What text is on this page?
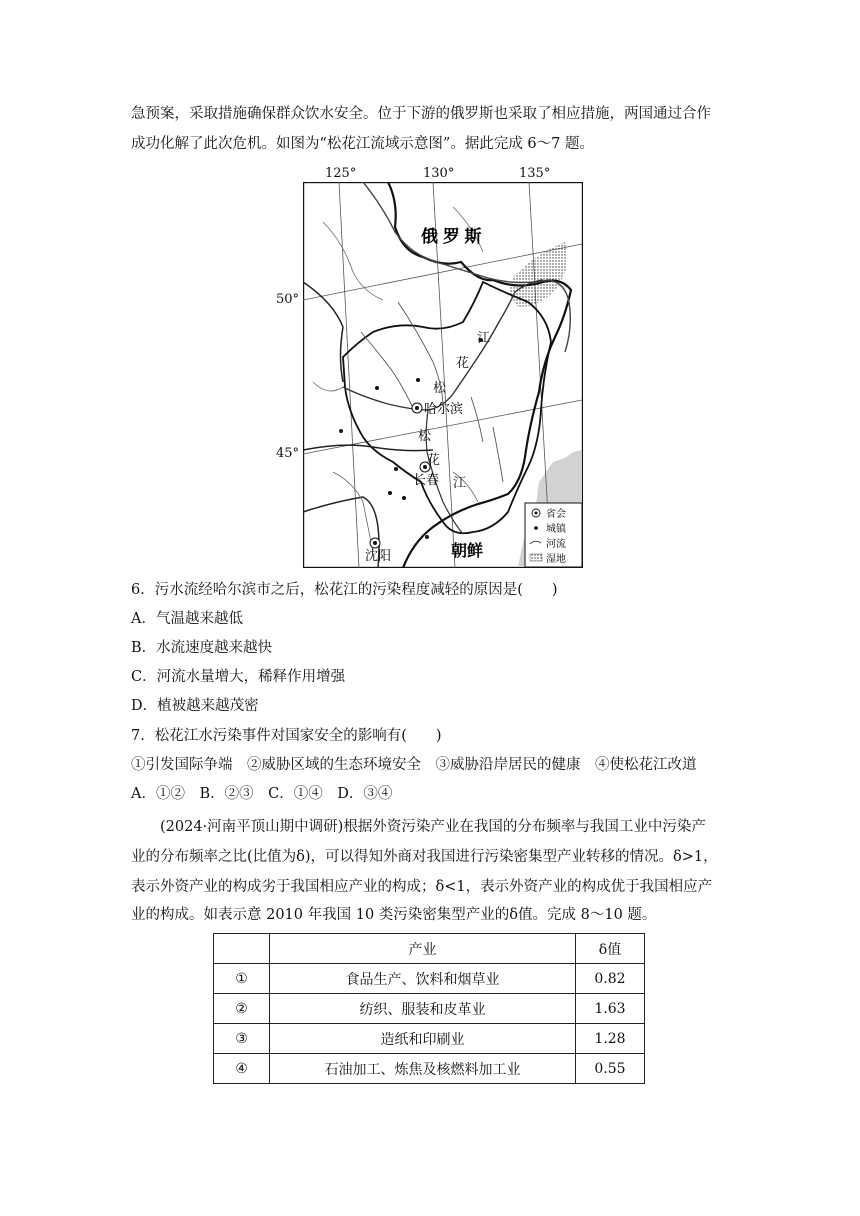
急预案，采取措施确保群众饮水安全。位于下游的俄罗斯也采取了相应措施，两国通过合作
成功化解了此次危机。如图为“松花江流域示意图”。据此完成 6～7 题。
125°	130°	135°
50°
45°
俄 罗 斯
朝鲜
哈尔滨
长春
沈阳
江
花
松
松
花
江
省会
城镇
河流
湿地
6．污水流经哈尔滨市之后，松花江的污染程度减轻的原因是(　　)
A．气温越来越低
B．水流速度越来越快
C．河流水量增大，稀释作用增强
D．植被越来越茂密
7．松花江水污染事件对国家安全的影响有(　　)
①引发国际争端　②威胁区域的生态环境安全　③威胁沿岸居民的健康　④使松花江改道
A．①②　B．②③　C．①④　D．③④
(2024·河南平顶山期中调研)根据外资污染产业在我国的分布频率与我国工业中污染产
业的分布频率之比(比值为δ)，可以得知外商对我国进行污染密集型产业转移的情况。δ>1，
表示外资产业的构成劣于我国相应产业的构成；δ<1，表示外资产业的构成优于我国相应产
业的构成。如表示意 2010 年我国 10 类污染密集型产业的δ值。完成 8～10 题。
	产业	δ值
①	食品生产、饮料和烟草业	0.82
②	纺织、服装和皮革业	1.63
③	造纸和印刷业	1.28
④	石油加工、炼焦及核燃料加工业	0.55
